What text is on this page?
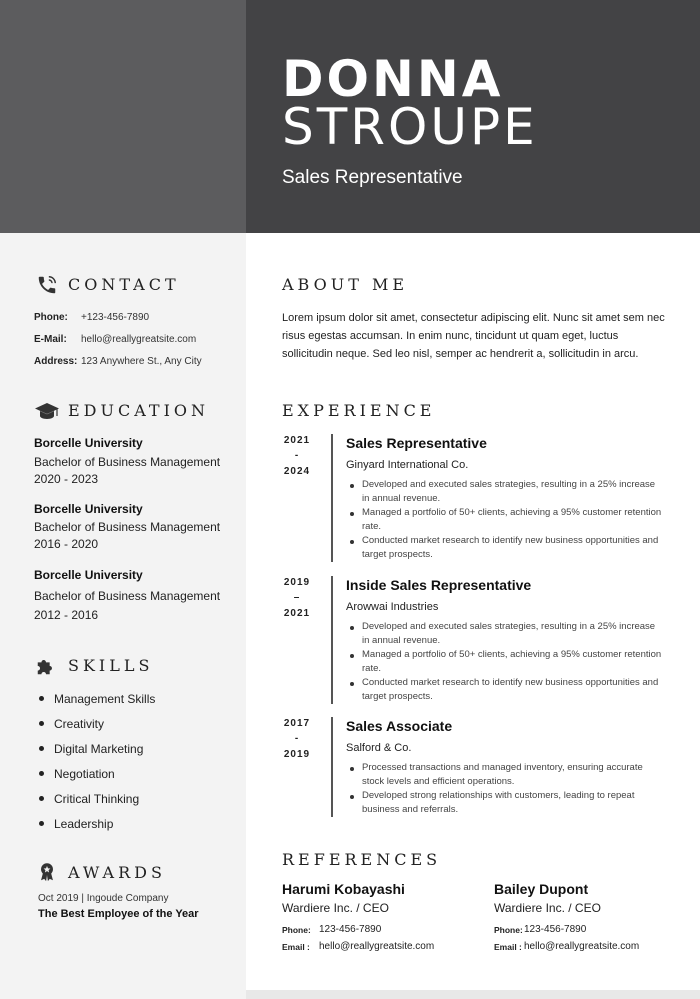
DONNA
STROUPE
Sales Representative
CONTACT
Phone: +123-456-7890
E-Mail: hello@reallygreatsite.com
Address: 123 Anywhere St., Any City
EDUCATION
Borcelle University
Bachelor of Business Management
2020 - 2023
Borcelle University
Bachelor of Business Management
2016 - 2020
Borcelle University
Bachelor of Business Management
2012 - 2016
SKILLS
Management Skills
Creativity
Digital Marketing
Negotiation
Critical Thinking
Leadership
AWARDS
Oct 2019 | Ingoude Company
The Best Employee of the Year
ABOUT ME
Lorem ipsum dolor sit amet, consectetur adipiscing elit. Nunc sit amet sem nec risus egestas accumsan. In enim nunc, tincidunt ut quam eget, luctus sollicitudin neque. Sed leo nisl, semper ac hendrerit a, sollicitudin in arcu.
EXPERIENCE
2021
-
2024
Sales Representative
Ginyard International Co.
Developed and executed sales strategies, resulting in a 25% increase in annual revenue.
Managed a portfolio of 50+ clients, achieving a 95% customer retention rate.
Conducted market research to identify new business opportunities and target prospects.
2019
–
2021
Inside Sales Representative
Arowwai Industries
Developed and executed sales strategies, resulting in a 25% increase in annual revenue.
Managed a portfolio of 50+ clients, achieving a 95% customer retention rate.
Conducted market research to identify new business opportunities and target prospects.
2017
-
2019
Sales Associate
Salford & Co.
Processed transactions and managed inventory, ensuring accurate stock levels and efficient operations.
Developed strong relationships with customers, leading to repeat business and referrals.
REFERENCES
Harumi Kobayashi
Wardiere Inc. / CEO
Phone: 123-456-7890
Email : hello@reallygreatsite.com
Bailey Dupont
Wardiere Inc. / CEO
Phone: 123-456-7890
Email : hello@reallygreatsite.com
